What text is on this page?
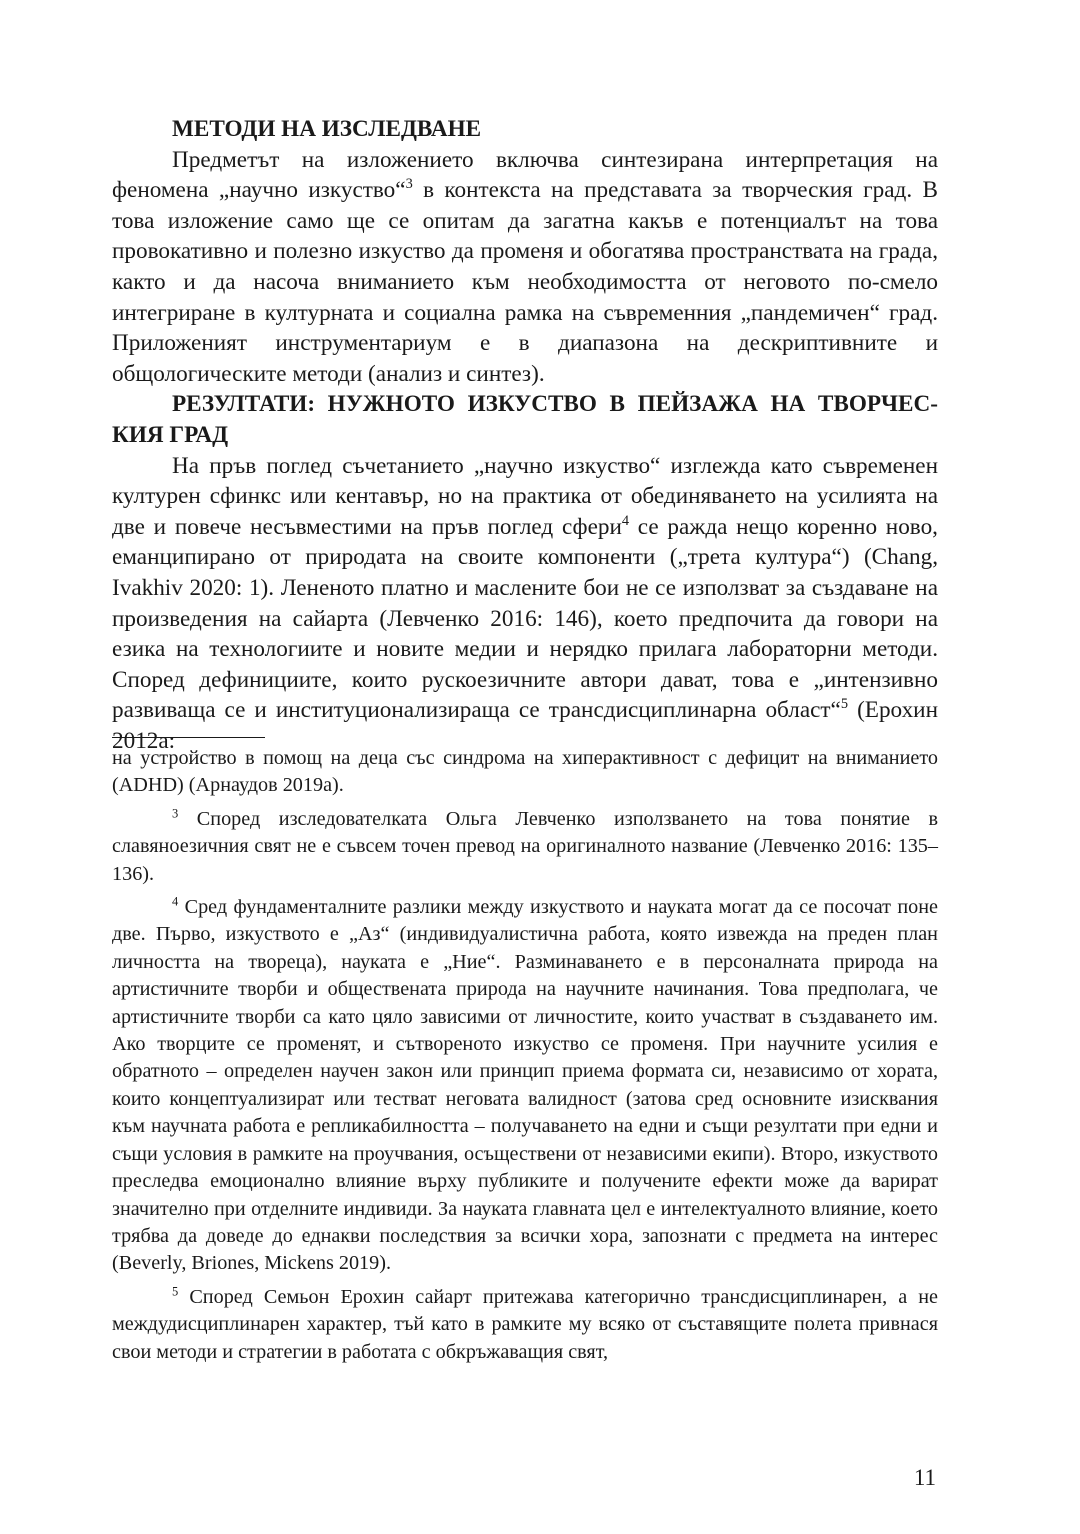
МЕТОДИ НА ИЗСЛЕДВАНЕ

Предметът на изложението включва синтезирана интерпретация на феномена „научно изкуство“$^3$ в контекста на представата за творческия град. В това изложение само ще се опитам да загатна какъв е потенциалът на това провокативно и полезно изкуство да променя и обогатява пространствата на града, както и да насоча вниманието към необходимостта от неговото по-смело интегриране в културната и социална рамка на съвременния „пандемичен“ град. Приложеният инструментариум е в диапазона на дескриптивните и общологическите методи (анализ и синтез).

РЕЗУЛТАТИ: НУЖНОТО ИЗКУСТВО В ПЕЙЗАЖА НА ТВОРЧЕСКИЯ ГРАД

На пръв поглед съчетанието „научно изкуство“ изглежда като съвременен културен сфинкс или кентавър, но на практика от обединяването на усилията на две и повече несъвместими на пръв поглед сфери$^4$ се ражда нещо коренно ново, еманципирано от природата на своите компоненти („трета култура“) (Chang, Ivakhiv 2020: 1). Лененото платно и маслените бои не се използват за създаване на произведения на сайарта (Левченко 2016: 146), което предпочита да говори на езика на технологиите и новите медии и нерядко прилага лабораторни методи. Според дефинициите, които рускоезичните автори дават, това е „интензивно развиваща се и институционализираща се трансдисциплинарна област“$^5$ (Ерохин 2012а:

на устройство в помощ на деца със синдрома на хиперактивност с дефицит на вниманието (ADHD) (Арнаудов 2019а).

$^3$ Според изследователката Ольга Левченко използването на това понятие в славяноезичния свят не е съвсем точен превод на оригиналното название (Левченко 2016: 135–136).

$^4$ Сред фундаменталните разлики между изкуството и науката могат да се посочат поне две. Първо, изкуството е „Аз“ (индивидуалистична работа, която извежда на преден план личността на твореца), науката е „Ние“. Разминаването е в персоналната природа на артистичните творби и обществената природа на научните начинания. Това предполага, че артистичните творби са като цяло зависими от личностите, които участват в създаването им. Ако творците се променят, и сътвореното изкуство се променя. При научните усилия е обратното – определен научен закон или принцип приема формата си, независимо от хората, които концептуализират или тестват неговата валидност (затова сред основните изисквания към научната работа е репликабилността – получаването на едни и същи резултати при едни и същи условия в рамките на проучвания, осъществени от независими екипи). Второ, изкуството преследва емоционално влияние върху публиките и получените ефекти може да варират значително при отделните индивиди. За науката главната цел е интелектуалното влияние, което трябва да доведе до еднакви последствия за всички хора, запознати с предмета на интерес (Beverly, Briones, Mickens 2019).

$^5$ Според Семьон Ерохин сайарт притежава категорично трансдисциплинарен, а не междудисциплинарен характер, тъй като в рамките му всяко от съставящите полета привнася свои методи и стратегии в работата с обкръжаващия свят,

11
